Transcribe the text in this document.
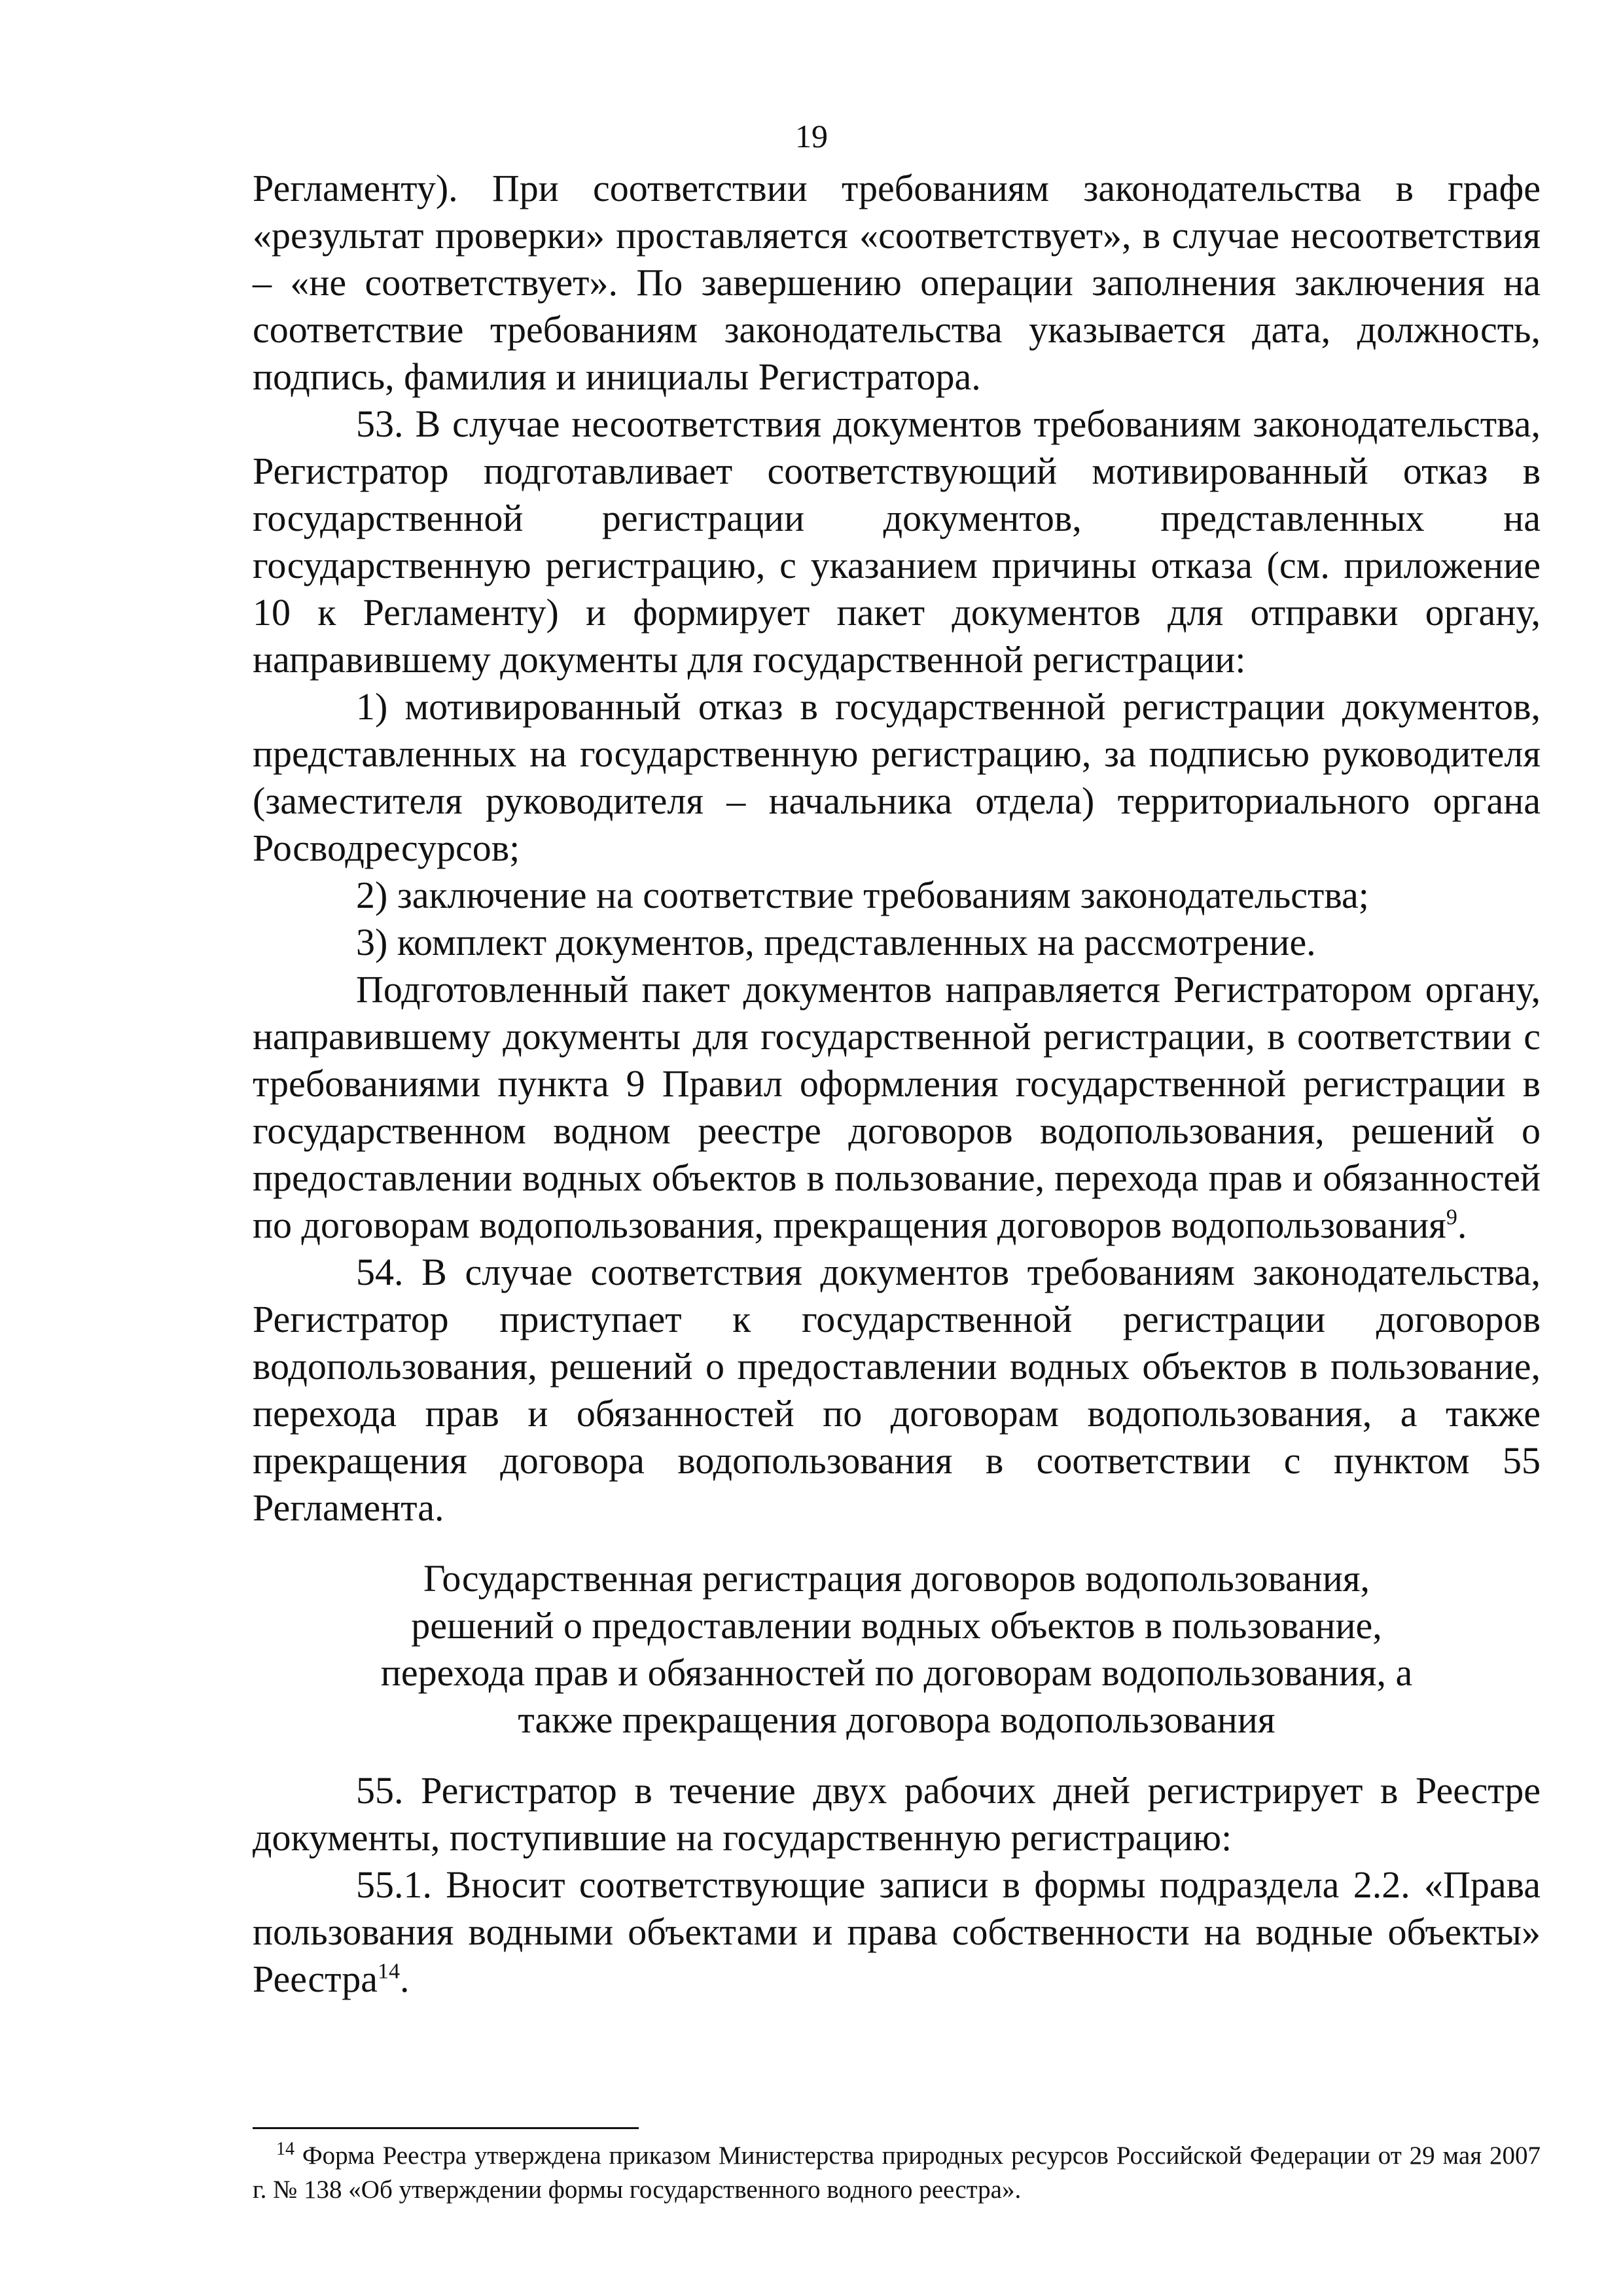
19

Регламенту). При соответствии требованиям законодательства в графе «результат проверки» проставляется «соответствует», в случае несоответствия – «не соответствует». По завершению операции заполнения заключения на соответствие требованиям законодательства указывается дата, должность, подпись, фамилия и инициалы Регистратора.

53. В случае несоответствия документов требованиям законодательства, Регистратор подготавливает соответствующий мотивированный отказ в государственной регистрации документов, представленных на государственную регистрацию, с указанием причины отказа (см. приложение 10 к Регламенту) и формирует пакет документов для отправки органу, направившему документы для государственной регистрации:

1) мотивированный отказ в государственной регистрации документов, представленных на государственную регистрацию, за подписью руководителя (заместителя руководителя – начальника отдела) территориального органа Росводресурсов;

2) заключение на соответствие требованиям законодательства;

3) комплект документов, представленных на рассмотрение.

Подготовленный пакет документов направляется Регистратором органу, направившему документы для государственной регистрации, в соответствии с требованиями пункта 9 Правил оформления государственной регистрации в государственном водном реестре договоров водопользования, решений о предоставлении водных объектов в пользование, перехода прав и обязанностей по договорам водопользования, прекращения договоров водопользования$^9$.

54. В случае соответствия документов требованиям законодательства, Регистратор приступает к государственной регистрации договоров водопользования, решений о предоставлении водных объектов в пользование, перехода прав и обязанностей по договорам водопользования, а также прекращения договора водопользования в соответствии с пунктом 55 Регламента.

Государственная регистрация договоров водопользования,
решений о предоставлении водных объектов в пользование,
перехода прав и обязанностей по договорам водопользования, а
также прекращения договора водопользования

55. Регистратор в течение двух рабочих дней регистрирует в Реестре документы, поступившие на государственную регистрацию:

55.1. Вносит соответствующие записи в формы подраздела 2.2. «Права пользования водными объектами и права собственности на водные объекты» Реестра$^{14}$.

$^{14}$ Форма Реестра утверждена приказом Министерства природных ресурсов Российской Федерации от 29 мая 2007 г. № 138 «Об утверждении формы государственного водного реестра».
